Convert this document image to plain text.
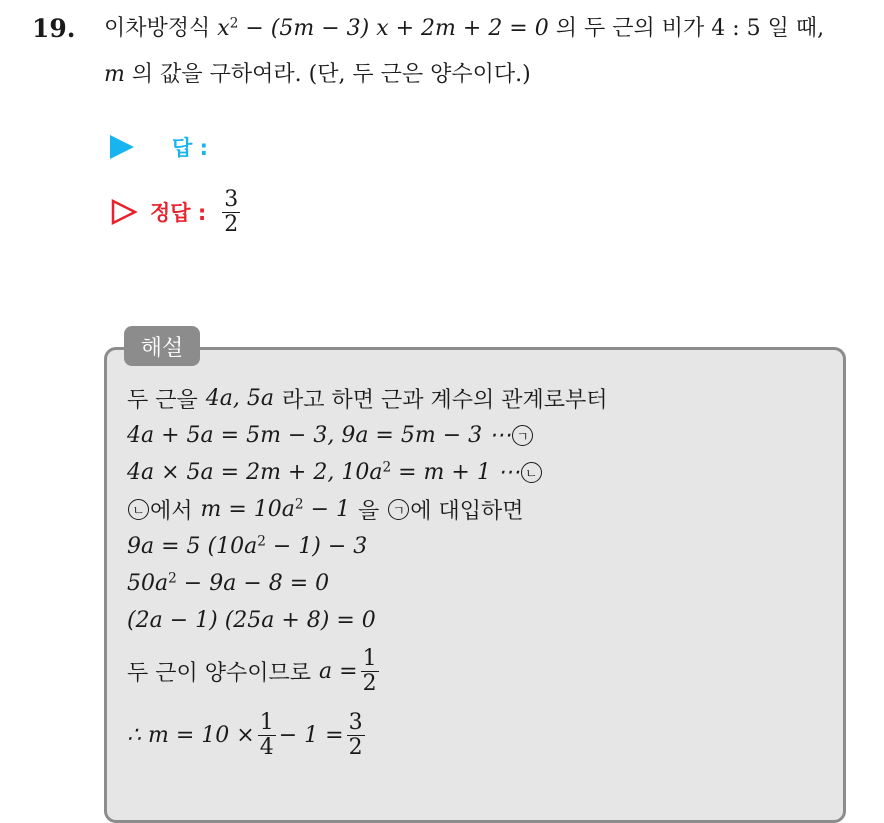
19. 이차방정식 $x^2 - (5m - 3) x + 2m + 2 = 0$ 의 두 근의 비가 4 : 5 일 때,
m 의 값을 구하여라. (단, 두 근은 양수이다.)
답 :
정답 : $\frac{3}{2}$
해설
두 근을 4a, 5a 라고 하면 근과 계수의 관계로부터
4a + 5a = 5m − 3, 9a = 5m − 3 ⋯ ㄱ
4a × 5a = 2m + 2, $10a^2 = m + 1$ ⋯ ㄴ
ㄴ 에서 $m = 10a^2 - 1$ 을	ㄱ 에 대입하면
9a = 5 $(10a^2 - 1) - 3$
$50a^2 - 9a - 8 = 0$
(2a − 1) (25a + 8) = 0
두 근이 양수이므로 $a = \frac{1}{2}$
∴ $m = 10 \times \frac{1}{4} - 1 = \frac{3}{2}$
